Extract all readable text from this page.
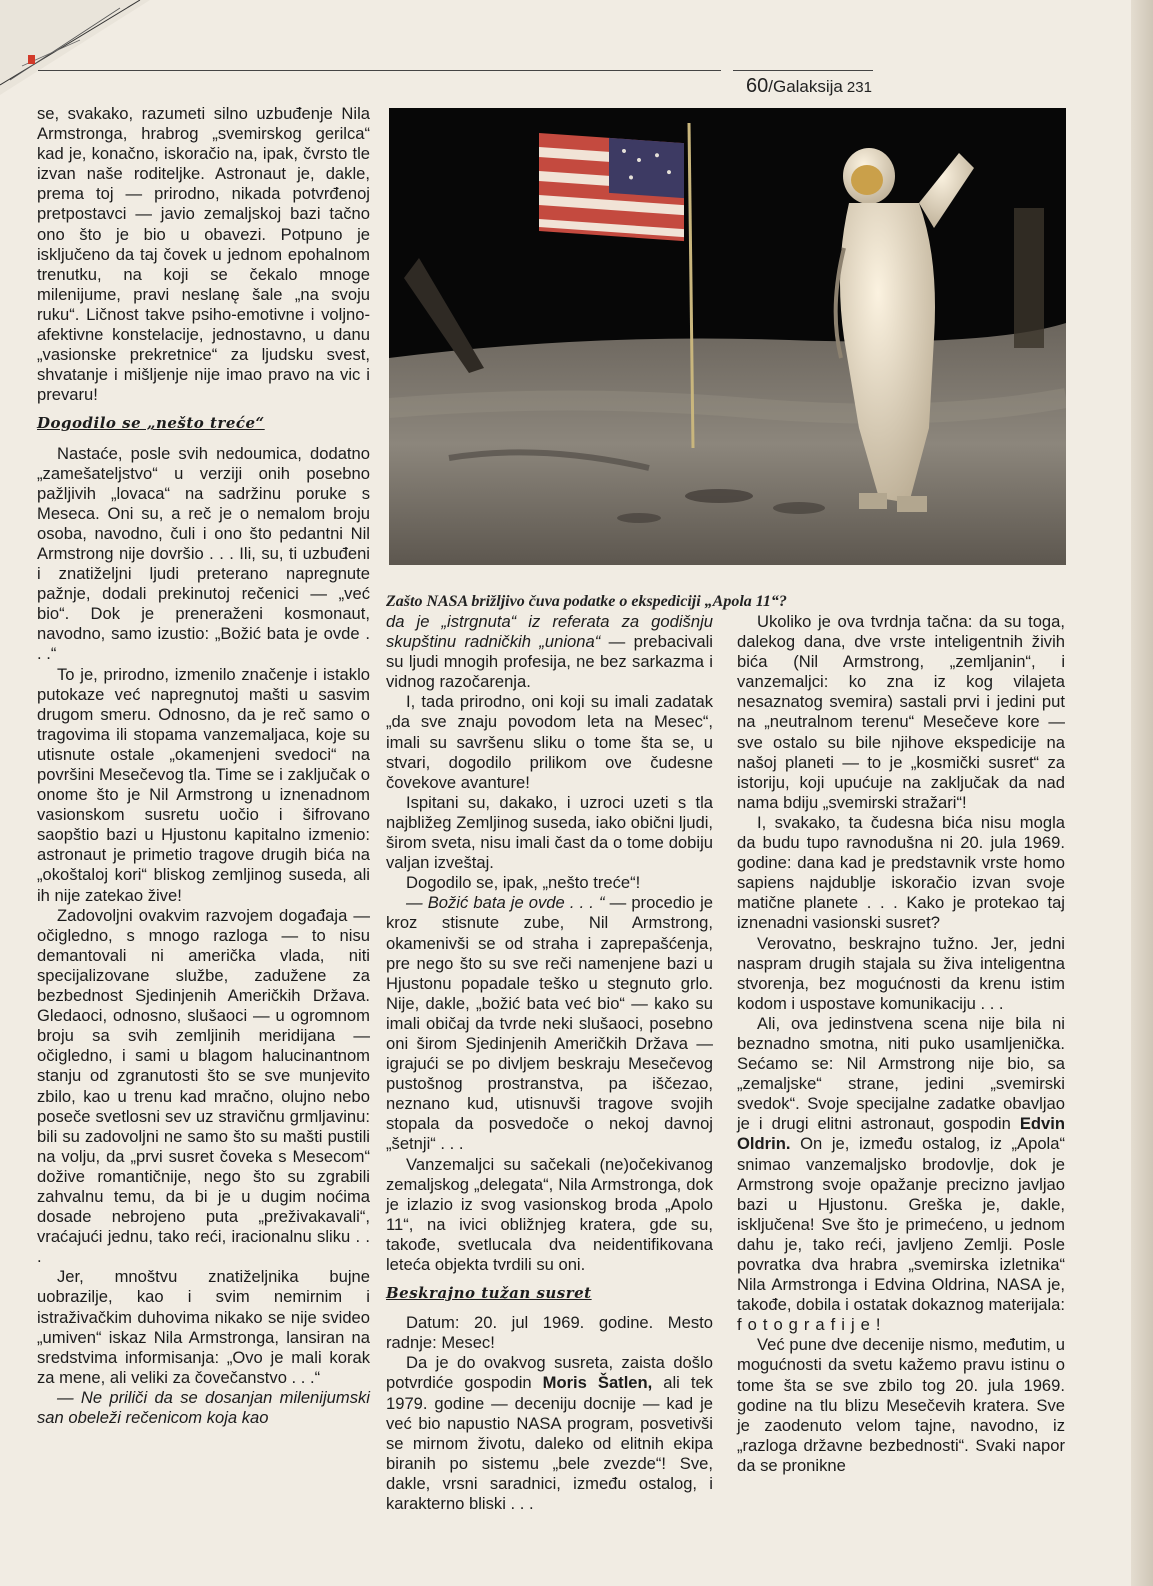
60/Galaksija 231

se, svakako, razumeti silno uzbuđenje Nila Armstronga, hrabrog „svemirskog gerilca“ kad je, konačno, iskoračio na, ipak, čvrsto tle izvan naše roditeljke. Astronaut je, dakle, prema toj — prirodno, nikada potvrđenoj pretpostavci — javio zemaljskoj bazi tačno ono što je bio u obavezi. Potpuno je isključeno da taj čovek u jednom epohalnom trenutku, na koji se čekalo mnoge milenijume, pravi neslanę šale „na svoju ruku“. Ličnost takve psiho-emotivne i voljno-afektivne konstelacije, jednostavno, u danu „vasionske prekretnice“ za ljudsku svest, shvatanje i mišljenje nije imao pravo na vic i prevaru!

Dogodilo se „nešto treće“

Nastaće, posle svih nedoumica, dodatno „zamešateljstvo“ u verziji onih posebno pažljivih „lovaca“ na sadržinu poruke s Meseca. Oni su, a reč je o nemalom broju osoba, navodno, čuli i ono što pedantni Nil Armstrong nije dovršio . . . Ili, su, ti uzbuđeni i znatiželjni ljudi preterano napregnute pažnje, dodali prekinutoj rečenici — „već bio“. Dok je preneraženi kosmonaut, navodno, samo izustio: „Božić bata je ovde . . .“

To je, prirodno, izmenilo značenje i istaklo putokaze već napregnutoj mašti u sasvim drugom smeru. Odnosno, da je reč samo o tragovima ili stopama vanzemaljaca, koje su utisnute ostale „okamenjeni svedoci“ na površini Mesečevog tla. Time se i zaključak o onome što je Nil Armstrong u iznenadnom vasionskom susretu uočio i šifrovano saopštio bazi u Hjustonu kapitalno izmenio: astronaut je primetio tragove drugih bića na „okoštaloj kori“ bliskog zemljinog suseda, ali ih nije zatekao žive!

Zadovoljni ovakvim razvojem događaja — očigledno, s mnogo razloga — to nisu demantovali ni američka vlada, niti specijalizovane službe, zadužene za bezbednost Sjedinjenih Američkih Država. Gledaoci, odnosno, slušaoci — u ogromnom broju sa svih zemljinih meridijana — očigledno, i sami u blagom halucinantnom stanju od zgranutosti što se sve munjevito zbilo, kao u trenu kad mračno, olujno nebo poseče svetlosni sev uz stravičnu grmljavinu: bili su zadovoljni ne samo što su mašti pustili na volju, da „prvi susret čoveka s Mesecom“ dožive romantičnije, nego što su zgrabili zahvalnu temu, da bi je u dugim noćima dosade nebrojeno puta „preživakavali“, vraćajući jednu, tako reći, iracionalnu sliku . . .

Jer, mnoštvu znatiželjnika bujne uobrazilje, kao i svim nemirnim i istraživačkim duhovima nikako se nije svideo „umiven“ iskaz Nila Armstronga, lansiran na sredstvima informisanja: „Ovo je mali korak za mene, ali veliki za čovečanstvo . . .“

— Ne priliči da se dosanjan milenijumski san obeleži rečenicom koja kao

Zašto NASA brižljivo čuva podatke o ekspediciji „Apola 11“?

da je „istrgnuta“ iz referata za godišnju skupštinu radničkih „uniona“ — prebacivali su ljudi mnogih profesija, ne bez sarkazma i vidnog razočarenja.

I, tada prirodno, oni koji su imali zadatak „da sve znaju povodom leta na Mesec“, imali su savršenu sliku o tome šta se, u stvari, dogodilo prilikom ove čudesne čovekove avanture!

Ispitani su, dakako, i uzroci uzeti s tla najbližeg Zemljinog suseda, iako obični ljudi, širom sveta, nisu imali čast da o tome dobiju valjan izveštaj.

Dogodilo se, ipak, „nešto treće“!

— Božić bata je ovde . . . “ — procedio je kroz stisnute zube, Nil Armstrong, okamenivši se od straha i zaprepašćenja, pre nego što su sve reči namenjene bazi u Hjustonu popadale teško u stegnuto grlo. Nije, dakle, „božić bata već bio“ — kako su imali običaj da tvrde neki slušaoci, posebno oni širom Sjedinjenih Američkih Država — igrajući se po divljem beskraju Mesečevog pustošnog prostranstva, pa iščezao, neznano kud, utisnuvši tragove svojih stopala da posvedoče o nekoj davnoj „šetnji“ . . .

Vanzemaljci su sačekali (ne)očekivanog zemaljskog „delegata“, Nila Armstronga, dok je izlazio iz svog vasionskog broda „Apolo 11“, na ivici obližnjeg kratera, gde su, takođe, svetlucala dva neidentifikovana leteća objekta tvrdili su oni.

Beskrajno tužan susret

Datum: 20. jul 1969. godine. Mesto radnje: Mesec!

Da je do ovakvog susreta, zaista došlo potvrdiće gospodin Moris Šatlen, ali tek 1979. godine — deceniju docnije — kad je već bio napustio NASA program, posvetivši se mirnom životu, daleko od elitnih ekipa biranih po sistemu „bele zvezde“! Sve, dakle, vrsni saradnici, između ostalog, i karakterno bliski . . .

Ukoliko je ova tvrdnja tačna: da su toga, dalekog dana, dve vrste inteligentnih živih bića (Nil Armstrong, „zemljanin“, i vanzemaljci: ko zna iz kog vilajeta nesaznatog svemira) sastali prvi i jedini put na „neutralnom terenu“ Mesečeve kore — sve ostalo su bile njihove ekspedicije na našoj planeti — to je „kosmički susret“ za istoriju, koji upućuje na zaključak da nad nama bdiju „svemirski stražari“!

I, svakako, ta čudesna bića nisu mogla da budu tupo ravnodušna ni 20. jula 1969. godine: dana kad je predstavnik vrste homo sapiens najdublje iskoračio izvan svoje matične planete . . . Kako je protekao taj iznenadni vasionski susret?

Verovatno, beskrajno tužno. Jer, jedni naspram drugih stajala su živa inteligentna stvorenja, bez mogućnosti da krenu istim kodom i uspostave komunikaciju . . .

Ali, ova jedinstvena scena nije bila ni beznadno smotna, niti puko usamljenička. Sećamo se: Nil Armstrong nije bio, sa „zemaljske“ strane, jedini „svemirski svedok“. Svoje specijalne zadatke obavljao je i drugi elitni astronaut, gospodin Edvin Oldrin. On je, između ostalog, iz „Apola“ snimao vanzemaljsko brodovlje, dok je Armstrong svoje opažanje precizno javljao bazi u Hjustonu. Greška je, dakle, isključena! Sve što je primećeno, u jednom dahu je, tako reći, javljeno Zemlji. Posle povratka dva hrabra „svemirska izletnika“ Nila Armstronga i Edvina Oldrina, NASA je, takođe, dobila i ostatak dokaznog materijala: fotografije!

Već pune dve decenije nismo, međutim, u mogućnosti da svetu kažemo pravu istinu o tome šta se sve zbilo tog 20. jula 1969. godine na tlu blizu Mesečevih kratera. Sve je zaodenuto velom tajne, navodno, iz „razloga državne bezbednosti“. Svaki napor da se pronikne
